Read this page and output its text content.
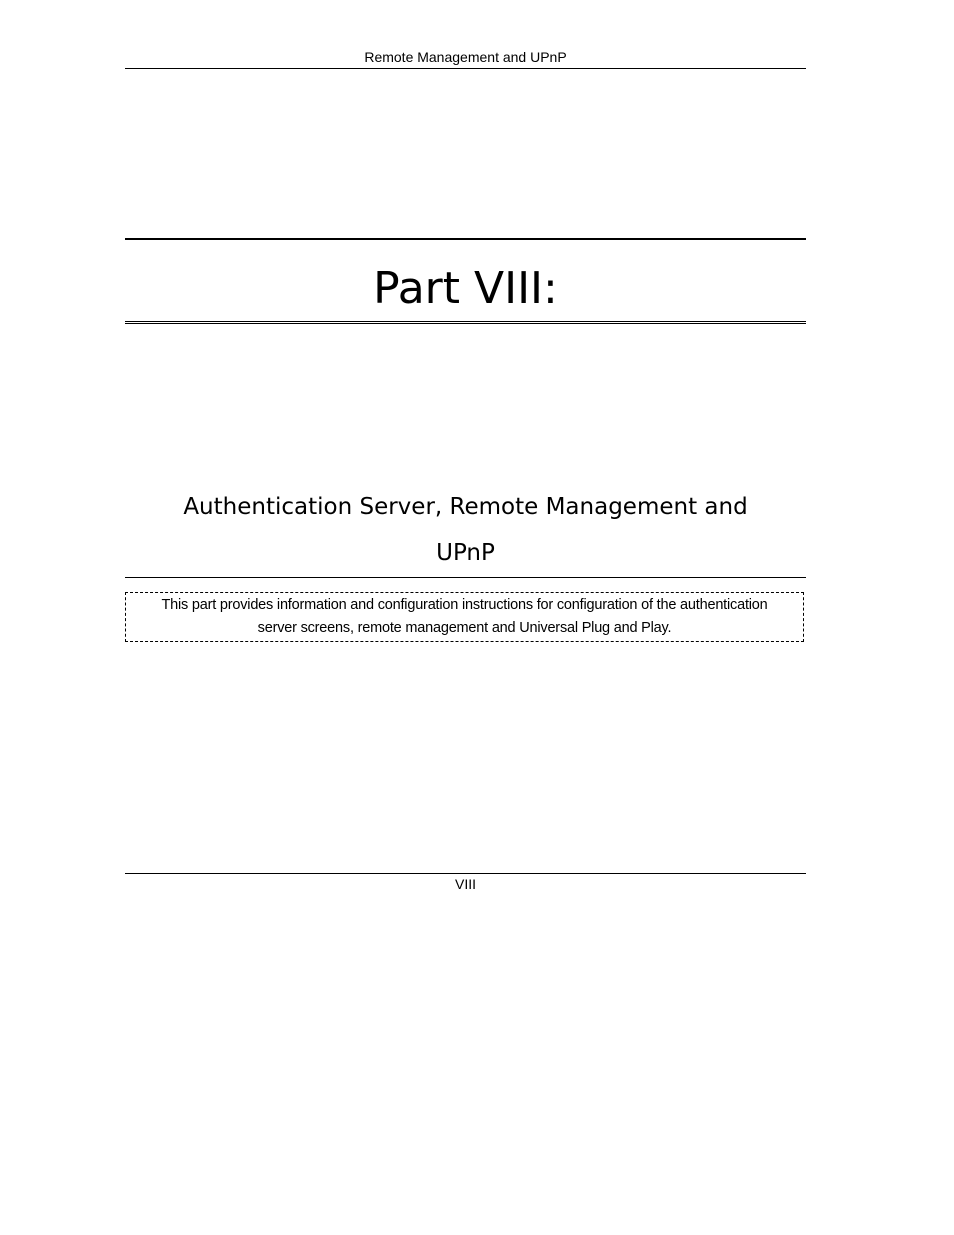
Remote Management and UPnP
Part VIII:
Authentication Server, Remote Management and
UPnP
This part provides information and configuration instructions for configuration of the authentication
server screens, remote management and Universal Plug and Play.
VIII
